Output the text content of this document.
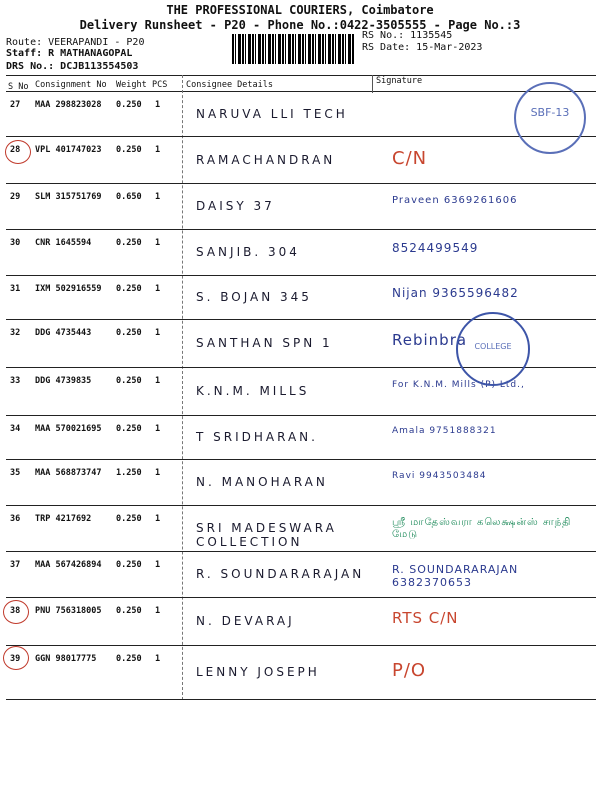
THE PROFESSIONAL COURIERS, Coimbatore
Delivery Runsheet - P20 - Phone No.:0422-3505555 - Page No.:3
Route: VEERAPANDI - P20
Staff: R MATHANAGOPAL
DRS No.: DCJB113554503
RS No.: 1135545
RS Date: 15-Mar-2023
S No Consignment No Weight PCS Consignee Details	Signature
27 MAA 298823028 0.250 1
NARUVA LLI TECH
28 VPL 401747023 0.250 1
RAMACHANDRAN	C/N
29 SLM 315751769 0.650 1
DAISY 37	Praveen 6369261606
30 CNR 1645594	0.250 1
SANJIB. 304	8524499549
31 IXM 502916559 0.250 1
S. BOJAN 345	Nijan 9365596482
32 DDG 4735443	0.250 1
SANTHAN SPN 1	Rebinbra
33 DDG 4739835	0.250 1
K.N.M. MILLS	For K.N.M. Mills (P) Ltd.,
34 MAA 570021695 0.250 1
T SRIDHARAN.	Amala 9751888321
35 MAA 568873747 1.250 1
N. MANOHARAN	Ravi 9943503484
36 TRP 4217692	0.250 1
SRI MADESWARA COLLECTION
ஸ்ரீ மாதேஸ்வரா கலெக்ஷன்ஸ் சாந்தி மேடு
37 MAA 567426894 0.250 1
R. SOUNDARARAJAN	R. SOUNDARARAJAN 6382370653
38 PNU 756318005 0.250 1
N. DEVARAJ	RTS C/N
39 GGN 98017775 0.250 1
LENNY JOSEPH	P/O
SBF-13
COLLEGE
